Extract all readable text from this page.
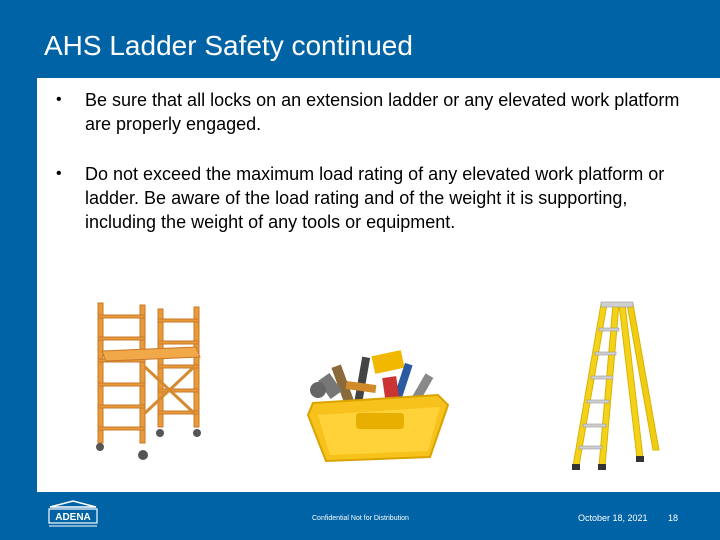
AHS Ladder Safety continued
• Be sure that all locks on an extension ladder or any elevated work platform are properly engaged.
• Do not exceed the maximum load rating of any elevated work platform or ladder. Be aware of the load rating and of the weight it is supporting, including the weight of any tools or equipment.
ADENA	Confidential Not for Distribution	October 18, 2021 18
